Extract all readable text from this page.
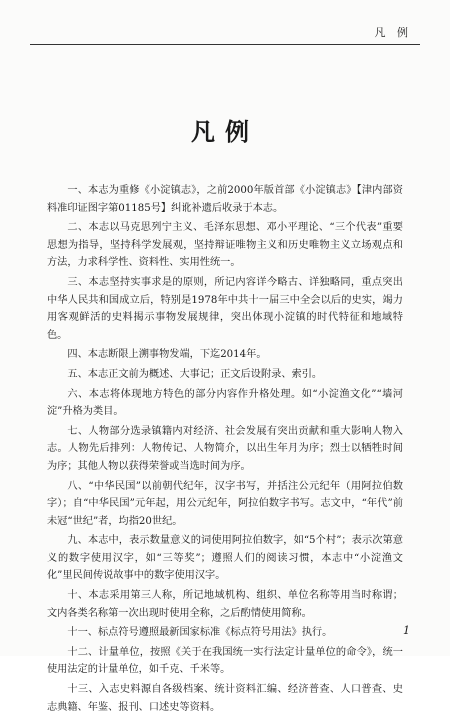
凡 例
凡例

一、本志为重修《小淀镇志》，之前2000年版首部《小淀镇志》【津内部资料准印证图字第01185号】纠讹补遗后收录于本志。

二、本志以马克思列宁主义、毛泽东思想、邓小平理论、“三个代表”重要思想为指导，坚持科学发展观，坚持辩证唯物主义和历史唯物主义立场观点和方法，力求科学性、资料性、实用性统一。

三、本志坚持实事求是的原则，所记内容详今略古、详独略同，重点突出中华人民共和国成立后，特别是1978年中共十一届三中全会以后的史实，竭力用客观鲜活的史料揭示事物发展规律，突出体现小淀镇的时代特征和地域特色。

四、本志断限上溯事物发端，下迄2014年。

五、本志正文前为概述、大事记；正文后设附录、索引。

六、本志将体现地方特色的部分内容作升格处理。如“小淀渔文化”“墙河淀”升格为类目。

七、人物部分选录镇籍内对经济、社会发展有突出贡献和重大影响人物入志。人物先后排列：人物传记、人物简介，以出生年月为序；烈士以牺牲时间为序；其他人物以获得荣誉或当选时间为序。

八、“中华民国”以前朝代纪年，汉字书写，并括注公元纪年（用阿拉伯数字）；自“中华民国”元年起，用公元纪年，阿拉伯数字书写。志文中，“年代”前未冠“世纪”者，均指20世纪。

九、本志中，表示数量意义的词使用阿拉伯数字，如“5个村”；表示次第意义的数字使用汉字，如“三等奖”；遵照人们的阅读习惯，本志中“小淀渔文化”里民间传说故事中的数字使用汉字。

十、本志采用第三人称，所记地域机构、组织、单位名称等用当时称谓；文内各类名称第一次出现时使用全称，之后酌情使用简称。

十一、标点符号遵照最新国家标准《标点符号用法》执行。

十二、计量单位，按照《关于在我国统一实行法定计量单位的命令》，统一使用法定的计量单位，如千克、千米等。

十三、入志史料源自各级档案、统计资料汇编、经济普查、人口普查、史志典籍、年鉴、报刊、口述史等资料。

1
